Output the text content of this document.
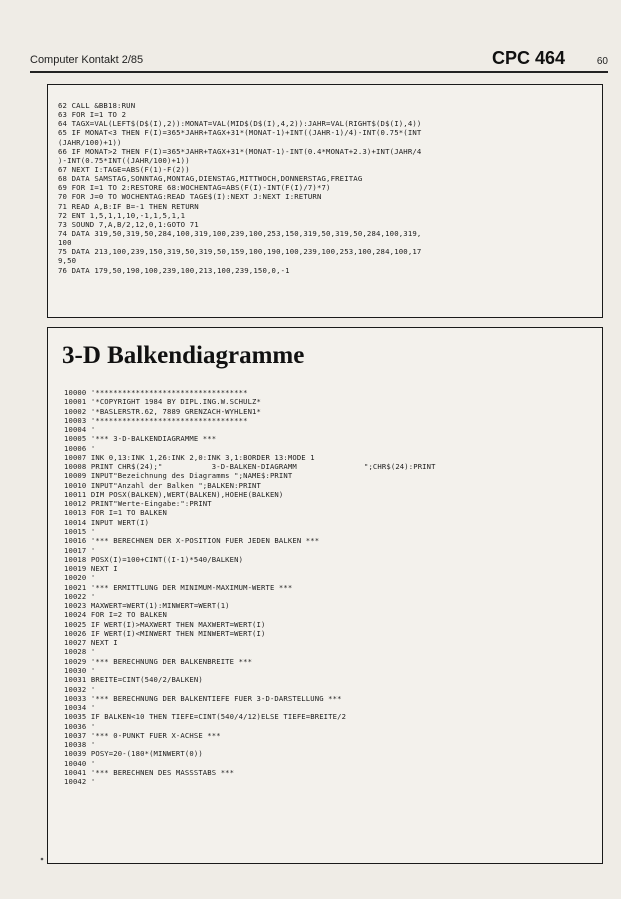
Computer Kontakt 2/85	CPC 464	60
62 CALL &BB18:RUN
63 FOR I=1 TO 2
64 TAGX=VAL(LEFT$(D$(I),2)):MONAT=VAL(MID$(D$(I),4,2)):JAHR=VAL(RIGHT$(D$(I),4))
65 IF MONAT<3 THEN F(I)=365*JAHR+TAGX+31*(MONAT-1)+INT((JAHR-1)/4)-INT(0.75*(INT
(JAHR/100)+1))
66 IF MONAT>2 THEN F(I)=365*JAHR+TAGX+31*(MONAT-1)-INT(0.4*MONAT+2.3)+INT(JAHR/4
)-INT(0.75*INT((JAHR/100)+1))
67 NEXT I:TAGE=ABS(F(1)-F(2))
68 DATA SAMSTAG,SONNTAG,MONTAG,DIENSTAG,MITTWOCH,DONNERSTAG,FREITAG
69 FOR I=1 TO 2:RESTORE 68:WOCHENTAG=ABS(F(I)-INT(F(I)/7)*7)
70 FOR J=0 TO WOCHENTAG:READ TAGE$(I):NEXT J:NEXT I:RETURN
71 READ A,B:IF B=-1 THEN RETURN
72 ENT 1,5,1,1,10,-1,1,5,1,1
73 SOUND 7,A,B/2,12,0,1:GOTO 71
74 DATA 319,50,319,50,284,100,319,100,239,100,253,150,319,50,319,50,284,100,319,
100
75 DATA 213,100,239,150,319,50,319,50,159,100,190,100,239,100,253,100,284,100,17
9,50
76 DATA 179,50,190,100,239,100,213,100,239,150,0,-1
3-D Balkendiagramme
10000 '**********************************
10001 '*COPYRIGHT 1984 BY DIPL.ING.W.SCHULZ*
10002 '*BASLERSTR.62, 7889 GRENZACH-WYHLEN1*
10003 '**********************************
10004 '
10005 '*** 3-D-BALKENDIAGRAMME ***
10006 '
10007 INK 0,13:INK 1,26:INK 2,0:INK 3,1:BORDER 13:MODE 1
10008 PRINT CHR$(24);"           3-D-BALKEN-DIAGRAMM               ";CHR$(24):PRINT
10009 INPUT"Bezeichnung des Diagramms ";NAME$:PRINT
10010 INPUT"Anzahl der Balken ";BALKEN:PRINT
10011 DIM POSX(BALKEN),WERT(BALKEN),HOEHE(BALKEN)
10012 PRINT"Werte-Eingabe:":PRINT
10013 FOR I=1 TO BALKEN
10014 INPUT WERT(I)
10015 '
10016 '*** BERECHNEN DER X-POSITION FUER JEDEN BALKEN ***
10017 '
10018 POSX(I)=100+CINT((I-1)*540/BALKEN)
10019 NEXT I
10020 '
10021 '*** ERMITTLUNG DER MINIMUM-MAXIMUM-WERTE ***
10022 '
10023 MAXWERT=WERT(1):MINWERT=WERT(1)
10024 FOR I=2 TO BALKEN
10025 IF WERT(I)>MAXWERT THEN MAXWERT=WERT(I)
10026 IF WERT(I)<MINWERT THEN MINWERT=WERT(I)
10027 NEXT I
10028 '
10029 '*** BERECHNUNG DER BALKENBREITE ***
10030 '
10031 BREITE=CINT(540/2/BALKEN)
10032 '
10033 '*** BERECHNUNG DER BALKENTIEFE FUER 3-D-DARSTELLUNG ***
10034 '
10035 IF BALKEN<10 THEN TIEFE=CINT(540/4/12)ELSE TIEFE=BREITE/2
10036 '
10037 '*** 0-PUNKT FUER X-ACHSE ***
10038 '
10039 POSY=20-(180*(MINWERT(0))
10040 '
10041 '*** BERECHNEN DES MASSSTABS ***
10042 '
